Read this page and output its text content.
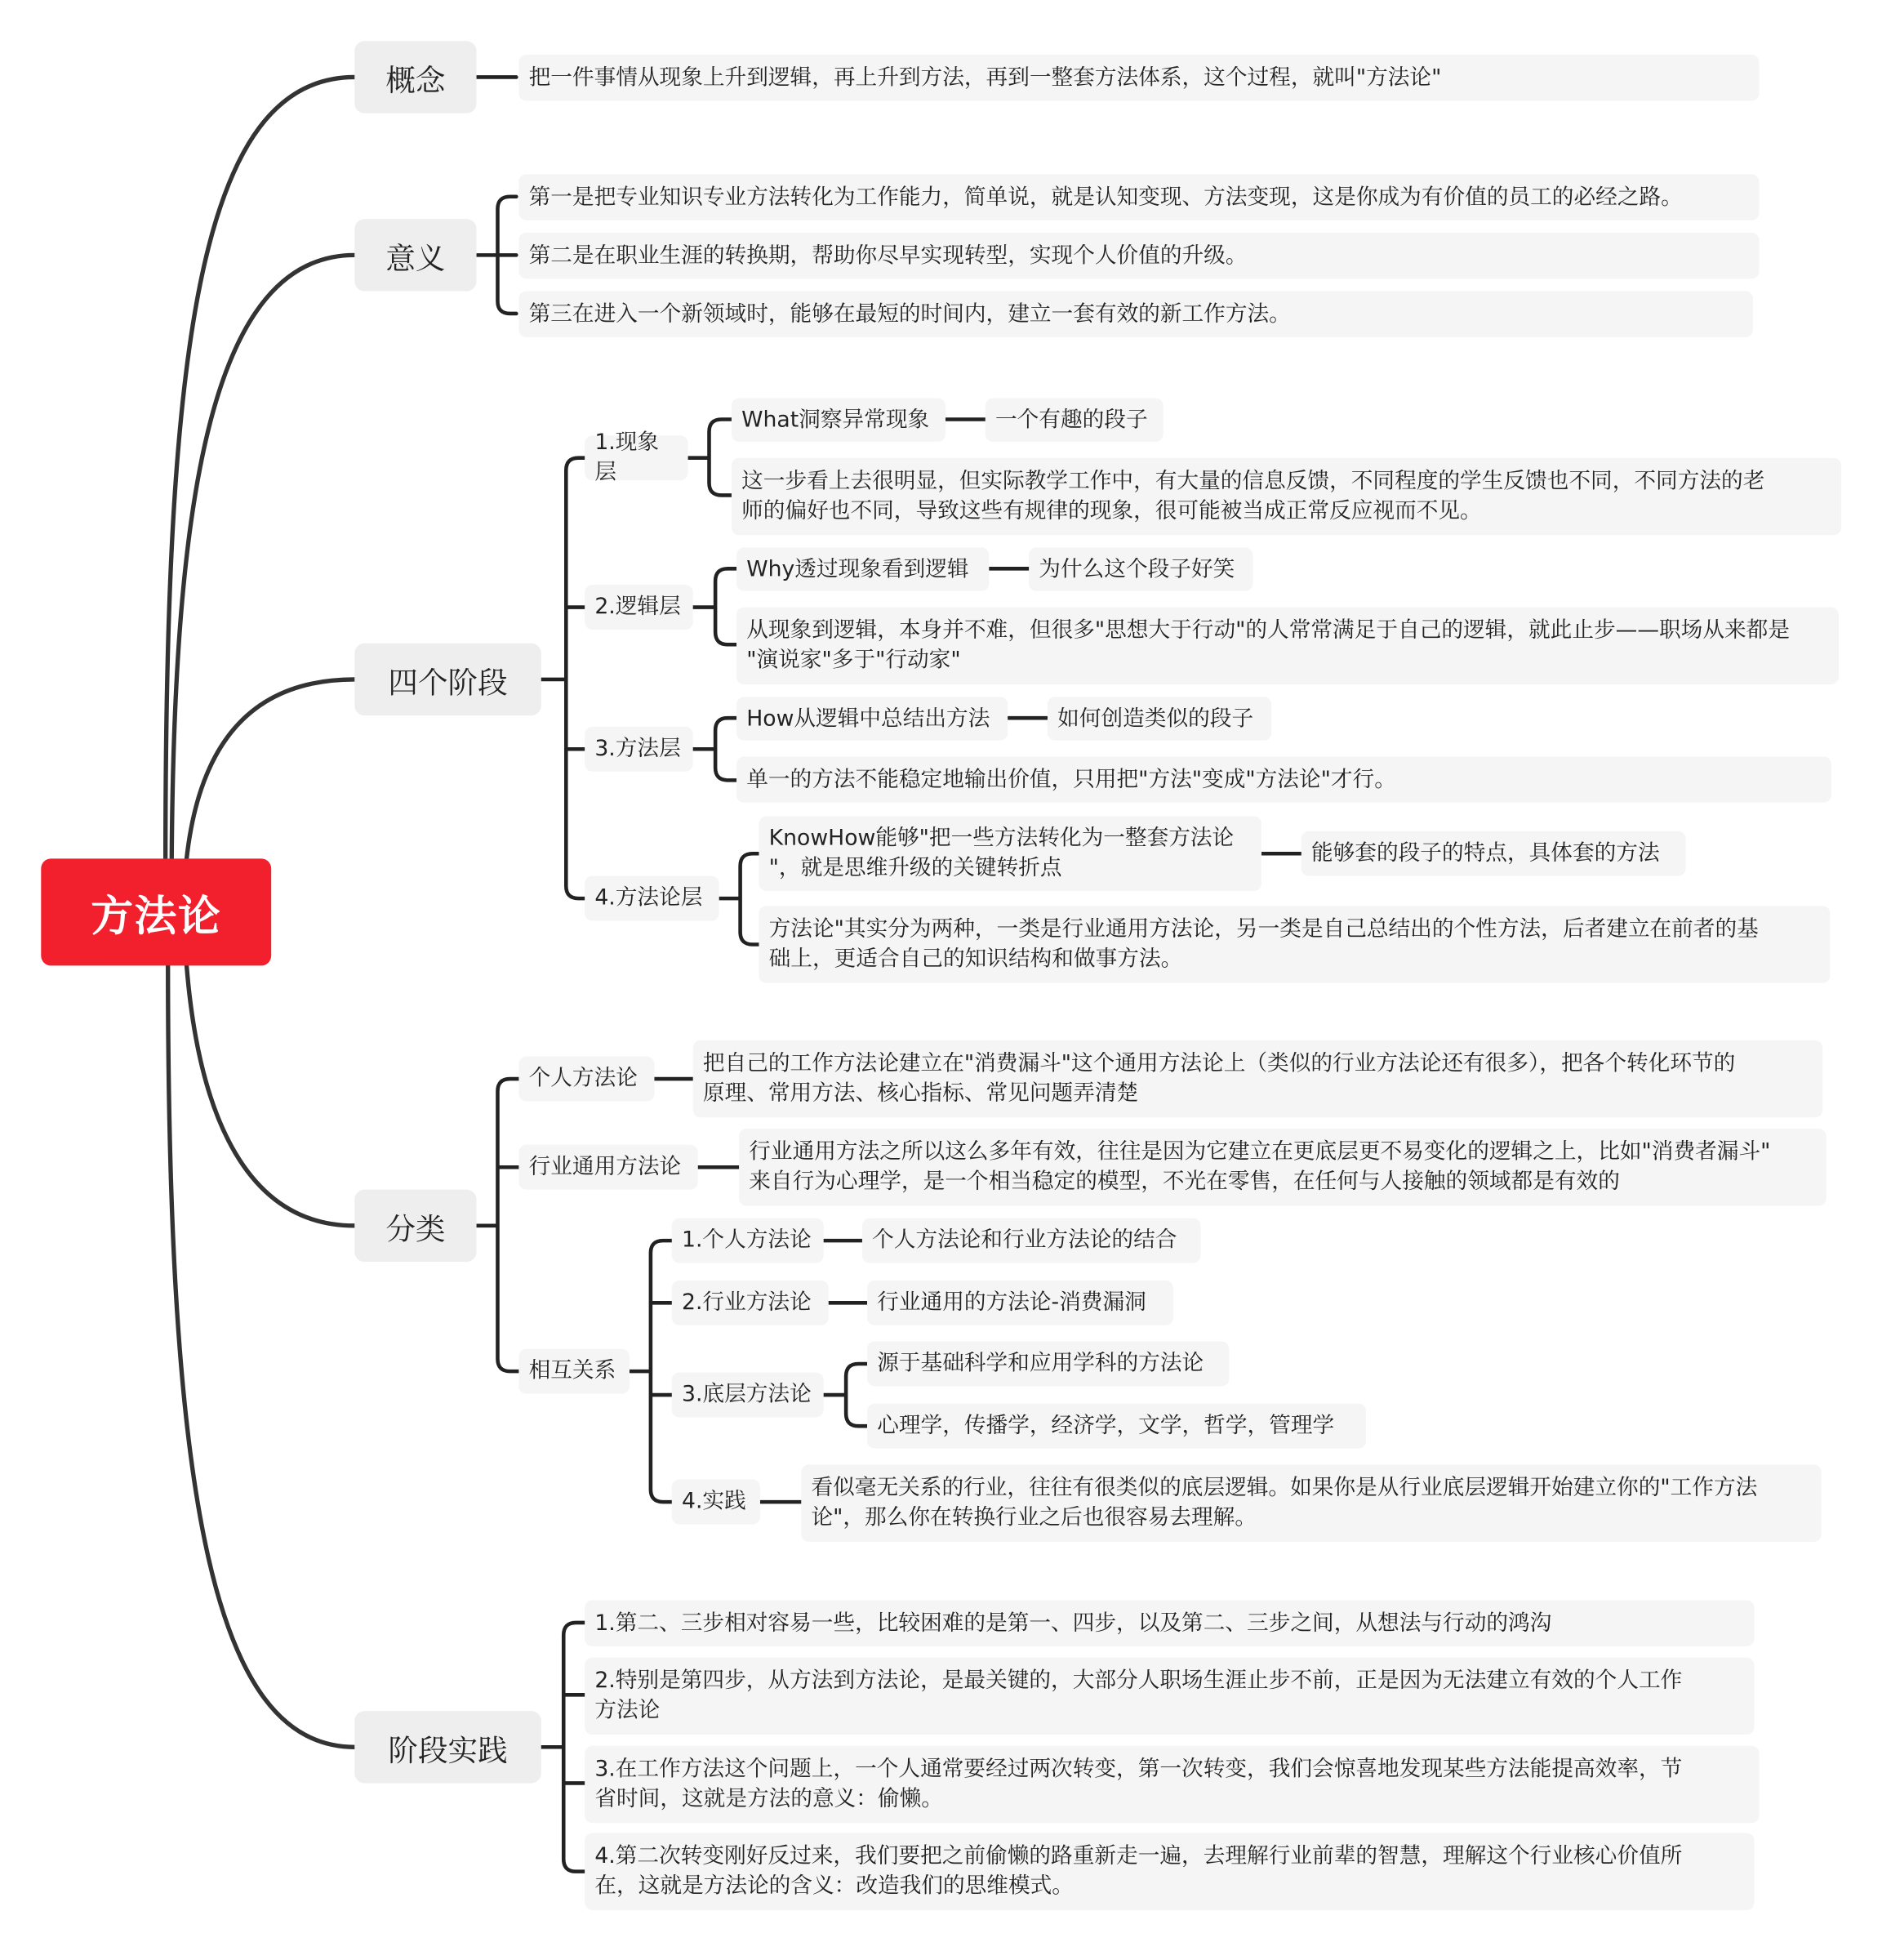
方法论
概念	把一件事情从现象上升到逻辑，再上升到方法，再到一整套方法体系，这个过程，就叫"方法论"
意义
第一是把专业知识专业方法转化为工作能力，简单说，就是认知变现、方法变现，这是你成为有价值的员工的必经之路。
第二是在职业生涯的转换期，帮助你尽早实现转型，实现个人价值的升级。
第三在进入一个新领域时，能够在最短的时间内，建立一套有效的新工作方法。
四个阶段
1.现象层
What洞察异常现象	一个有趣的段子
这一步看上去很明显，但实际教学工作中，有大量的信息反馈，不同程度的学生反馈也不同，不同方法的老
师的偏好也不同，导致这些有规律的现象，很可能被当成正常反应视而不见。
2.逻辑层
Why透过现象看到逻辑	为什么这个段子好笑
从现象到逻辑，本身并不难，但很多"思想大于行动"的人常常满足于自己的逻辑，就此止步——职场从来都是
"演说家"多于"行动家"
3.方法层
How从逻辑中总结出方法	如何创造类似的段子
单一的方法不能稳定地输出价值，只用把"方法"变成"方法论"才行。
4.方法论层
KnowHow能够"把一些方法转化为一整套方法论
"，就是思维升级的关键转折点
能够套的段子的特点，具体套的方法
方法论"其实分为两种，一类是行业通用方法论，另一类是自己总结出的个性方法，后者建立在前者的基
础上，更适合自己的知识结构和做事方法。
分类
个人方法论
把自己的工作方法论建立在"消费漏斗"这个通用方法论上（类似的行业方法论还有很多），把各个转化环节的
原理、常用方法、核心指标、常见问题弄清楚
行业通用方法论
行业通用方法之所以这么多年有效，往往是因为它建立在更底层更不易变化的逻辑之上，比如"消费者漏斗"
来自行为心理学，是一个相当稳定的模型，不光在零售，在任何与人接触的领域都是有效的
相互关系
1.个人方法论	个人方法论和行业方法论的结合
2.行业方法论	行业通用的方法论-消费漏洞
3.底层方法论
源于基础科学和应用学科的方法论
心理学，传播学，经济学，文学，哲学，管理学
4.实践
看似毫无关系的行业，往往有很类似的底层逻辑。如果你是从行业底层逻辑开始建立你的"工作方法
论"，那么你在转换行业之后也很容易去理解。
阶段实践
1.第二、三步相对容易一些，比较困难的是第一、四步，以及第二、三步之间，从想法与行动的鸿沟
2.特别是第四步，从方法到方法论，是最关键的，大部分人职场生涯止步不前，正是因为无法建立有效的个人工作
方法论
3.在工作方法这个问题上，一个人通常要经过两次转变，第一次转变，我们会惊喜地发现某些方法能提高效率，节
省时间，这就是方法的意义：偷懒。
4.第二次转变刚好反过来，我们要把之前偷懒的路重新走一遍，去理解行业前辈的智慧，理解这个行业核心价值所
在，这就是方法论的含义：改造我们的思维模式。
